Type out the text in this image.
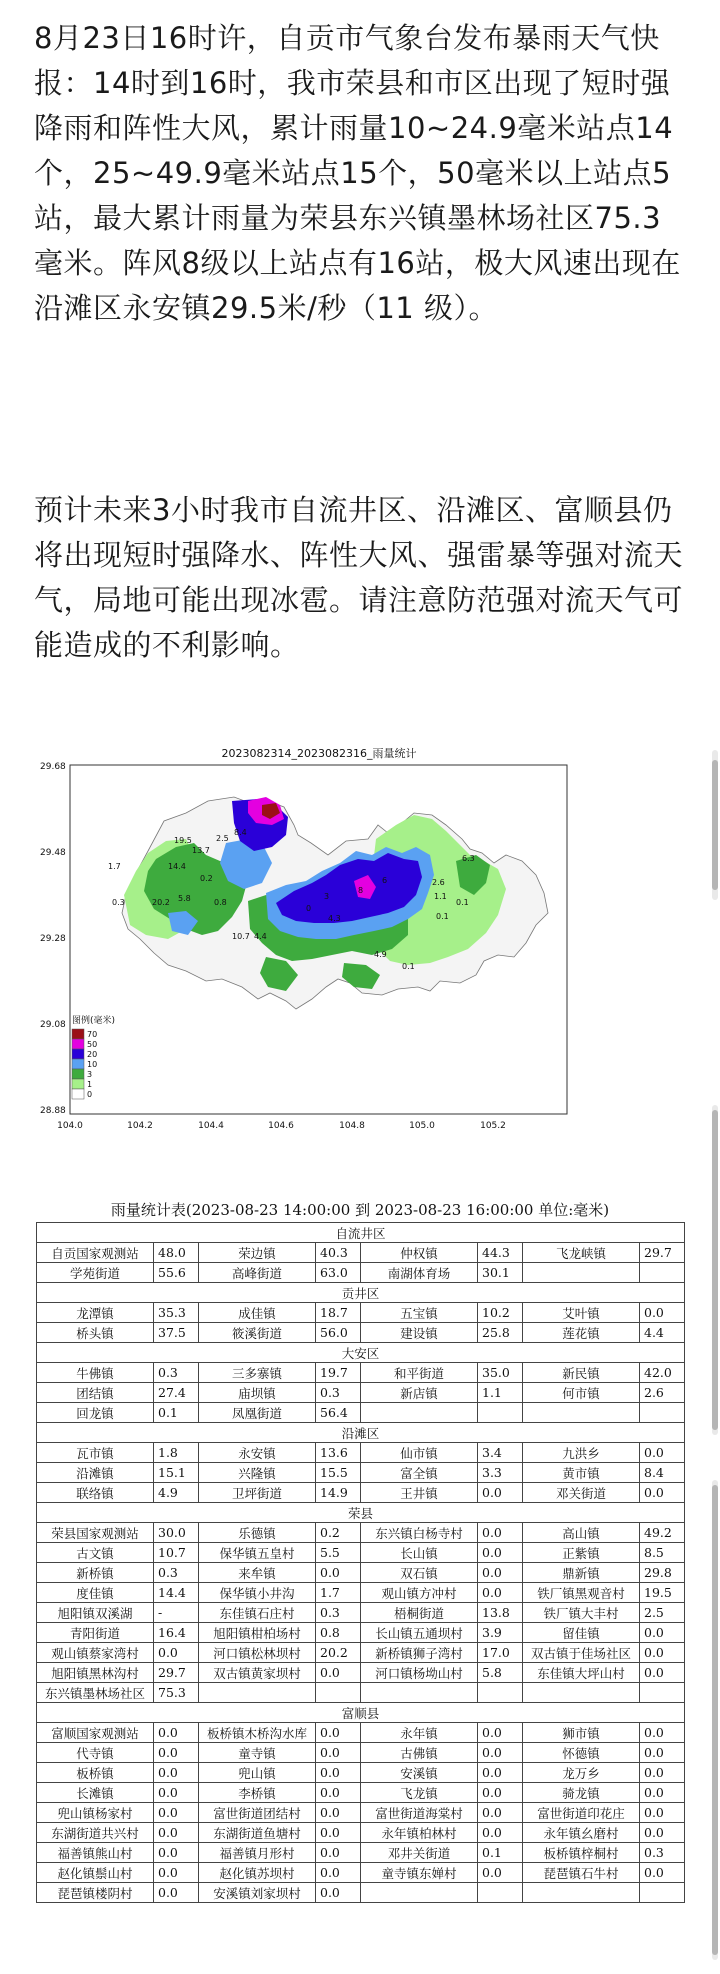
8月23日16时许，自贡市气象台发布暴雨天气快报：14时到16时，我市荣县和市区出现了短时强降雨和阵性大风，累计雨量10~24.9毫米站点14个，25~49.9毫米站点15个，50毫米以上站点5站，最大累计雨量为荣县东兴镇墨林场社区75.3 毫米。阵风8级以上站点有16站，极大风速出现在沿滩区永安镇29.5米/秒（11 级）。
预计未来3小时我市自流井区、沿滩区、富顺县仍将出现短时强降水、阵性大风、强雷暴等强对流天气，局地可能出现冰雹。请注意防范强对流天气可能造成的不利影响。
2023082314_2023082316_雨量统计
19.5	2.5
13.7
8.4
14.4
0.2
1.7
0.3	20.2 5.8	0.8
10.7 4.4
0
4.3
2.6
1.1
0.1
4.9
0.1
6.3
0.1
3
8
6
29.68
29.48
29.28
29.08
28.88
104.0	104.2	104.4	104.6	104.8	105.0	105.2
图例(毫米)
70
50
20
10
3
1
0
雨量统计表(2023-08-23 14:00:00 到 2023-08-23 16:00:00 单位:毫米)
自流井区							
自贡国家观测站	48.0	荣边镇	40.3	仲权镇	44.3	飞龙峡镇	29.7
学苑街道	55.6	高峰街道	63.0	南湖体育场	30.1		
贡井区							
龙潭镇	35.3	成佳镇	18.7	五宝镇	10.2	艾叶镇	0.0
桥头镇	37.5	筱溪街道	56.0	建设镇	25.8	莲花镇	4.4
大安区							
牛佛镇	0.3	三多寨镇	19.7	和平街道	35.0	新民镇	42.0
团结镇	27.4	庙坝镇	0.3	新店镇	1.1	何市镇	2.6
回龙镇	0.1	凤凰街道	56.4				
沿滩区							
瓦市镇	1.8	永安镇	13.6	仙市镇	3.4	九洪乡	0.0
沿滩镇	15.1	兴隆镇	15.5	富全镇	3.3	黄市镇	8.4
联络镇	4.9	卫坪街道	14.9	王井镇	0.0	邓关街道	0.0
荣县							
荣县国家观测站	30.0	乐德镇	0.2	东兴镇白杨寺村	0.0	高山镇	49.2
古文镇	10.7	保华镇五皇村	5.5	长山镇	0.0	正紫镇	8.5
新桥镇	0.3	来牟镇	0.0	双石镇	0.0	鼎新镇	29.8
度佳镇	14.4	保华镇小井沟	1.7	观山镇方冲村	0.0	铁厂镇黑观音村	19.5
旭阳镇双溪湖	-	东佳镇石庄村	0.3	梧桐街道	13.8	铁厂镇大丰村	2.5
青阳街道	16.4	旭阳镇柑柏场村	0.8	长山镇五通坝村	3.9	留佳镇	0.0
观山镇蔡家湾村	0.0	河口镇松林坝村	20.2	新桥镇狮子湾村	17.0	双古镇于佳场社区	0.0
旭阳镇黑林沟村	29.7	双古镇黄家坝村	0.0	河口镇杨坳山村	5.8	东佳镇大坪山村	0.0
东兴镇墨林场社区	75.3						
富顺县							
富顺国家观测站	0.0	板桥镇木桥沟水库	0.0	永年镇	0.0	狮市镇	0.0
代寺镇	0.0	童寺镇	0.0	古佛镇	0.0	怀德镇	0.0
板桥镇	0.0	兜山镇	0.0	安溪镇	0.0	龙万乡	0.0
长滩镇	0.0	李桥镇	0.0	飞龙镇	0.0	骑龙镇	0.0
兜山镇杨家村	0.0	富世街道团结村	0.0	富世街道海棠村	0.0	富世街道印花庄	0.0
东湖街道共兴村	0.0	东湖街道鱼塘村	0.0	永年镇柏林村	0.0	永年镇幺磨村	0.0
福善镇熊山村	0.0	福善镇月形村	0.0	邓井关街道	0.1	板桥镇梓桐村	0.3
赵化镇鬃山村	0.0	赵化镇苏坝村	0.0	童寺镇东婵村	0.0	琵琶镇石牛村	0.0
琵琶镇楼阴村	0.0	安溪镇刘家坝村	0.0				
